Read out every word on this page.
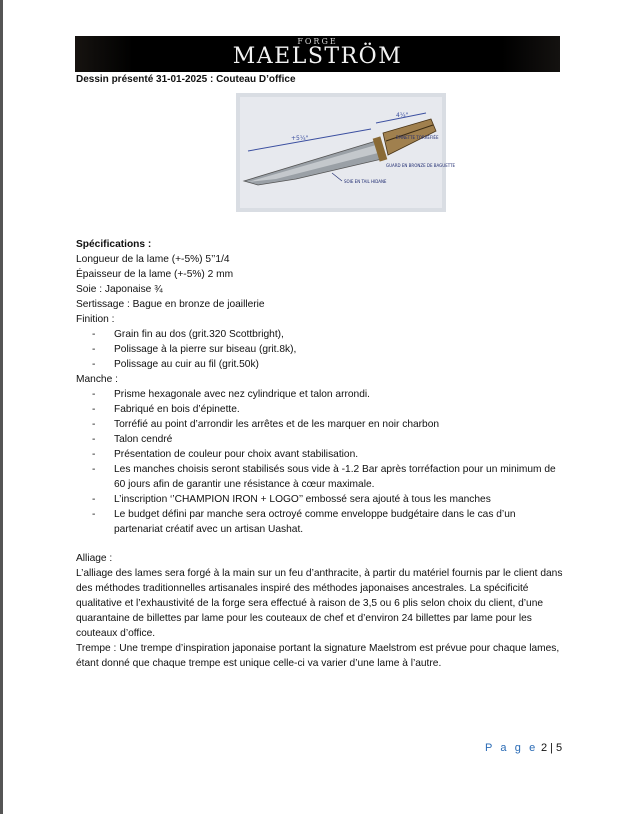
FORGE
MAELSTRÖM
Dessin présenté 31-01-2025 : Couteau D’office
+5¼"
4¼"
EPINETTE TORRÉFIÉE
GUARD EN BRONZE DE BAGUETTE
SOIE EN TAIL HIDANE
Spécifications :
Longueur de la lame (+-5%) 5’’1/4
Épaisseur de la lame (+-5%) 2 mm
Soie : Japonaise ¾
Sertissage : Bague en bronze de joaillerie
Finition :
- Grain fin au dos (grit.320 Scottbright),
- Polissage à la pierre sur biseau (grit.8k),
- Polissage au cuir au fil (grit.50k)
Manche :
- Prisme hexagonale avec nez cylindrique et talon arrondi.
- Fabriqué en bois d’épinette.
- Torréfié au point d’arrondir les arrêtes et de les marquer en noir charbon
- Talon cendré
- Présentation de couleur pour choix avant stabilisation.
- Les manches choisis seront stabilisés sous vide à -1.2 Bar après torréfaction pour un minimum de 60 jours afin de garantir une résistance à cœur maximale.
- L’inscription ‘’CHAMPION IRON + LOGO’’ embossé sera ajouté à tous les manches
- Le budget défini par manche sera octroyé comme enveloppe budgétaire dans le cas d’un partenariat créatif avec un artisan Uashat.
Alliage :
L’alliage des lames sera forgé à la main sur un feu d’anthracite, à partir du matériel fournis par le client dans des méthodes traditionnelles artisanales inspiré des méthodes japonaises ancestrales. La spécificité qualitative et l’exhaustivité de la forge sera effectué à raison de 3,5 ou 6 plis selon choix du client, d’une quarantaine de billettes par lame pour les couteaux de chef et d’environ 24 billettes par lame pour les couteaux d’office.
Trempe : Une trempe d’inspiration japonaise portant la signature Maelstrom est prévue pour chaque lames, étant donné que chaque trempe est unique celle-ci va varier d’une lame à l’autre.
P a g e 2 | 5
